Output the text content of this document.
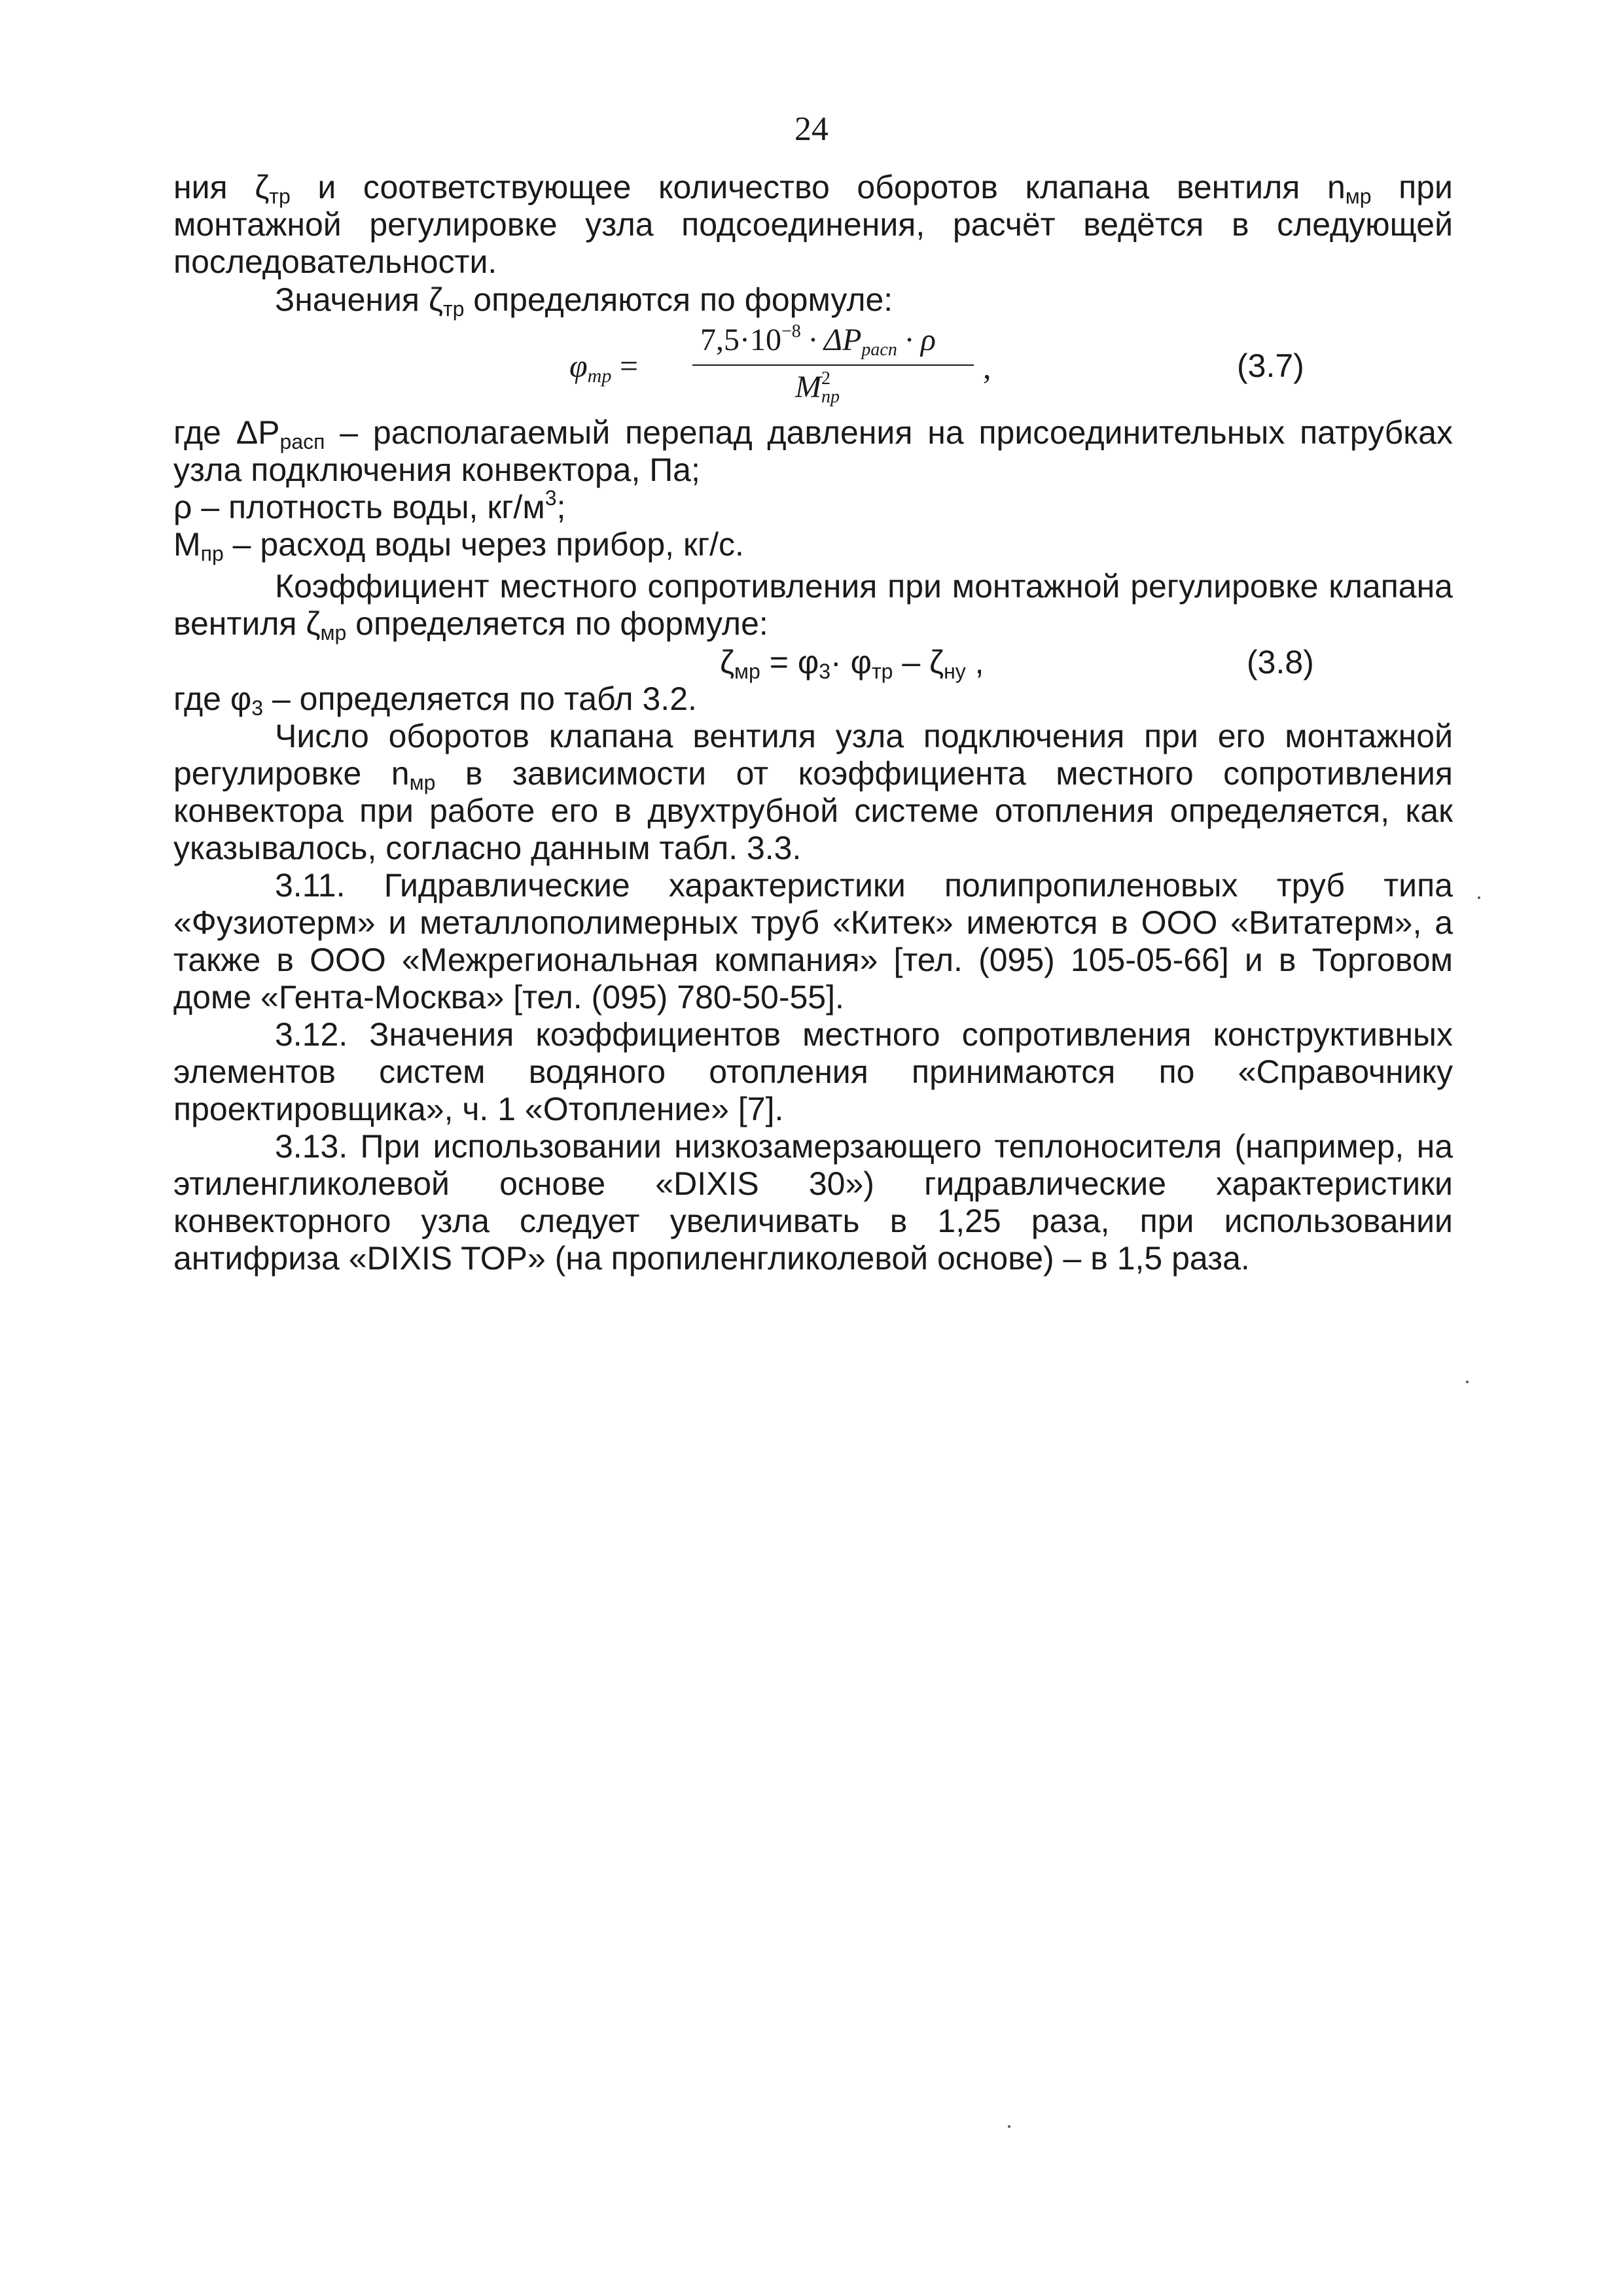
24
ния $\zeta_{тр}$ и соответствующее количество оборотов клапана вентиля $n_{мр}$ при монтажной регулировке узла подсоединения, расчёт ведётся в следующей последовательности.
Значения $\zeta_{тр}$ определяются по формуле:
$\varphi_{тр}$ =
$7,5\cdot 10^{-8} \cdot \Delta P_{расп} \cdot \rho$
$M^2_{пр}$
,	(3.7)
где $\Delta P_{расп}$ – располагаемый перепад давления на присоединительных патрубках узла подключения конвектора, Па;
ρ – плотность воды, $кг/м^3$;
$M_{пр}$ – расход воды через прибор, кг/с.
Коэффициент местного сопротивления при монтажной регулировке клапана вентиля $\zeta_{мр}$ определяется по формуле:
$\zeta_{мр} = \varphi_3\cdot \varphi_{тр} - \zeta_{ну}$ ,	(3.8)
где $\varphi_3$ – определяется по табл 3.2.
Число оборотов клапана вентиля узла подключения при его монтажной регулировке $n_{мр}$ в зависимости от коэффициента местного сопротивления конвектора при работе его в двухтрубной системе отопления определяется, как указывалось, согласно данным табл. 3.3.
3.11. Гидравлические характеристики полипропиленовых труб типа «Фузиотерм» и металлополимерных труб «Китек» имеются в ООО «Витатерм», а также в ООО «Межрегиональная компания» [тел. (095) 105-05-66] и в Торговом доме «Гента-Москва» [тел. (095) 780-50-55].
3.12. Значения коэффициентов местного сопротивления конструктивных элементов систем водяного отопления принимаются по «Справочнику проектировщика», ч. 1 «Отопление» [7].
3.13. При использовании низкозамерзающего теплоносителя (например, на этиленгликолевой основе «DIXIS 30») гидравлические характеристики конвекторного узла следует увеличивать в 1,25 раза, при использовании антифриза «DIXIS TOP» (на пропиленгликолевой основе) – в 1,5 раза.
